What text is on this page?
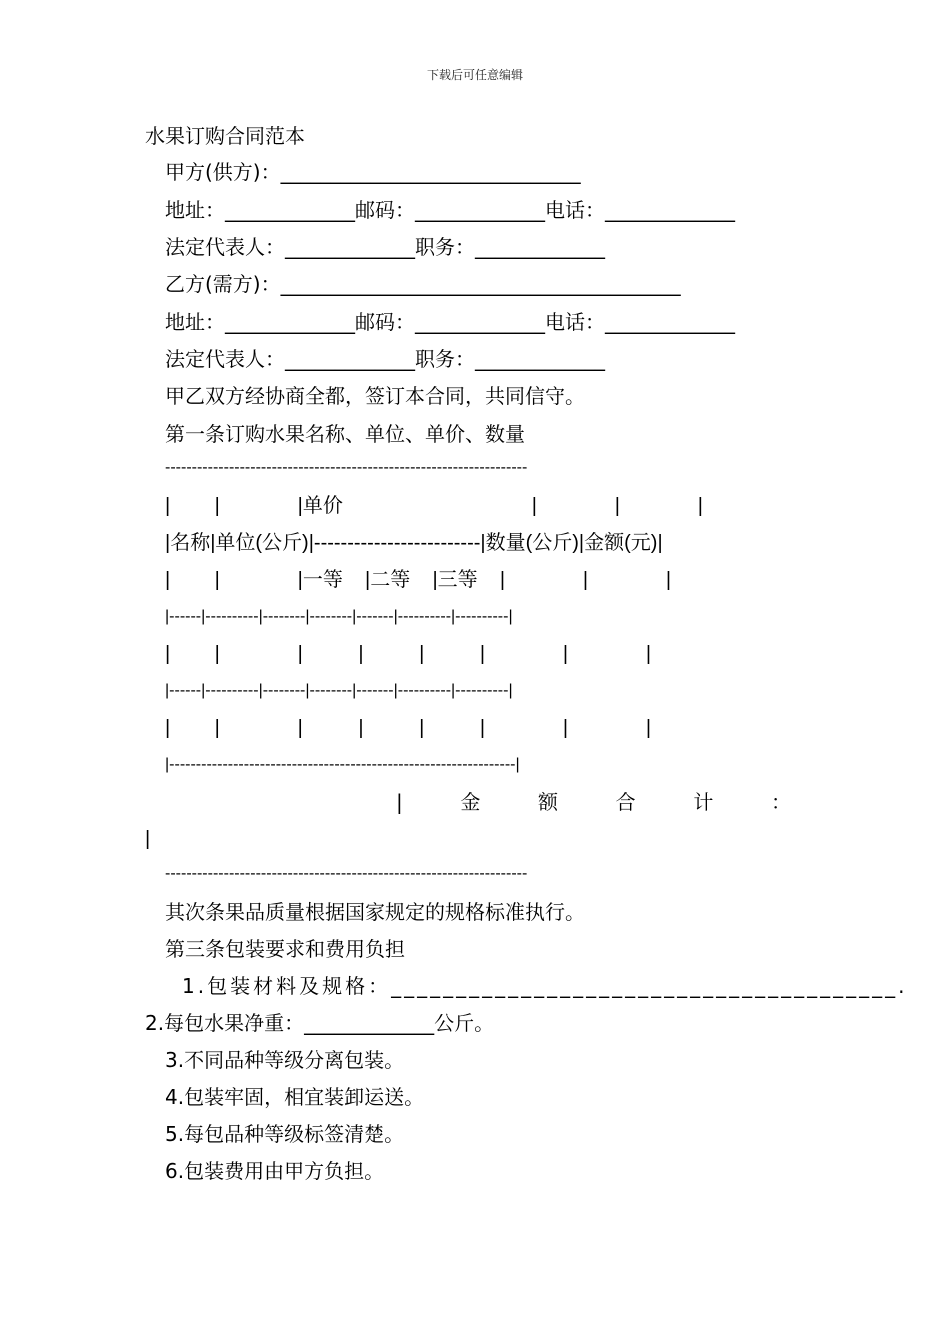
下载后可任意编辑
水果订购合同范本
甲方(供方)：______________________________
地址：_____________邮码：_____________电话：_____________
法定代表人：_____________职务：_____________
乙方(需方)：________________________________________
地址：_____________邮码：_____________电话：_____________
法定代表人：_____________职务：_____________
甲乙双方经协商全都，签订本合同，共同信守。
第一条订购水果名称、单位、单价、数量
--------------------------------------------------------------------
|        |              |单价                                  |              |              |
|名称|单位(公斤)|-------------------------|数量(公斤)|金额(元)|
|        |              |一等    |二等    |三等    |              |              |
|------|----------|--------|--------|-------|----------|----------|
|        |              |          |          |          |              |              |
|------|----------|--------|--------|-------|----------|----------|
|        |              |          |          |          |              |              |
|-----------------------------------------------------------------|
|	金	额	合	计	：
|
--------------------------------------------------------------------
其次条果品质量根据国家规定的规格标准执行。
第三条包装要求和费用负担
1.包装材料及规格：_______________________________________.
2.每包水果净重：_____________公斤。
3.不同品种等级分离包装。
4.包装牢固，相宜装卸运送。
5.每包品种等级标签清楚。
6.包装费用由甲方负担。
